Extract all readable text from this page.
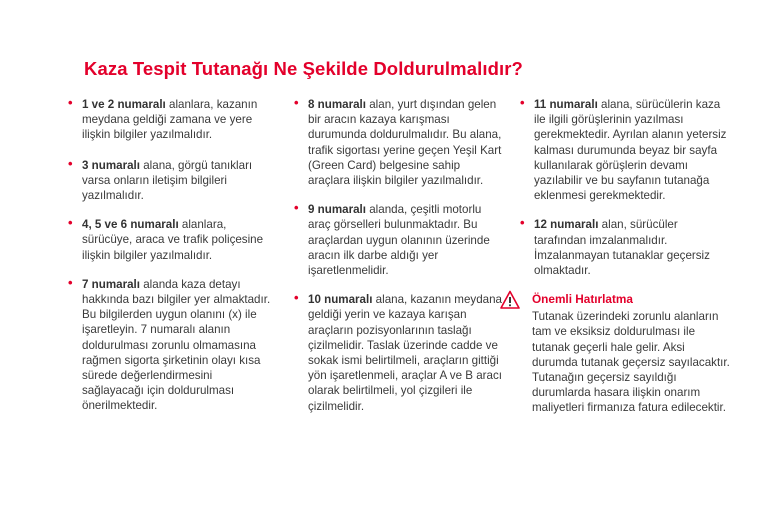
Kaza Tespit Tutanağı Ne Şekilde Doldurulmalıdır?
• 1 ve 2 numaralı alanlara, kazanın meydana geldiği zamana ve yere ilişkin bilgiler yazılmalıdır.
• 3 numaralı alana, görgü tanıkları varsa onların iletişim bilgileri yazılmalıdır.
• 4, 5 ve 6 numaralı alanlara, sürücüye, araca ve trafik poliçesine ilişkin bilgiler yazılmalıdır.
• 7 numaralı alanda kaza detayı hakkında bazı bilgiler yer almaktadır. Bu bilgilerden uygun olanını (x) ile işaretleyin. 7 numaralı alanın doldurulması zorunlu olmamasına rağmen sigorta şirketinin olayı kısa sürede değerlendirmesini sağlayacağı için doldurulması önerilmektedir.
• 8 numaralı alan, yurt dışından gelen bir aracın kazaya karışması durumunda doldurulmalıdır. Bu alana, trafik sigortası yerine geçen Yeşil Kart (Green Card) belgesine sahip araçlara ilişkin bilgiler yazılmalıdır.
• 9 numaralı alanda, çeşitli motorlu araç görselleri bulunmaktadır. Bu araçlardan uygun olanının üzerinde aracın ilk darbe aldığı yer işaretlenmelidir.
• 10 numaralı alana, kazanın meydana geldiği yerin ve kazaya karışan araçların pozisyonlarının taslağı çizilmelidir. Taslak üzerinde cadde ve sokak ismi belirtilmeli, araçların gittiği yön işaretlenmeli, araçlar A ve B aracı olarak belirtilmeli, yol çizgileri ile çizilmelidir.
• 11 numaralı alana, sürücülerin kaza ile ilgili görüşlerinin yazılması gerekmektedir. Ayrılan alanın yetersiz kalması durumunda beyaz bir sayfa kullanılarak görüşlerin devamı yazılabilir ve bu sayfanın tutanağa eklenmesi gerekmektedir.
• 12 numaralı alan, sürücüler tarafından imzalanmalıdır. İmzalanmayan tutanaklar geçersiz olmaktadır.
Önemli Hatırlatma
Tutanak üzerindeki zorunlu alanların tam ve eksiksiz doldurulması ile tutanak geçerli hale gelir. Aksi durumda tutanak geçersiz sayılacaktır. Tutanağın geçersiz sayıldığı durumlarda hasara ilişkin onarım maliyetleri firmanıza fatura edilecektir.
